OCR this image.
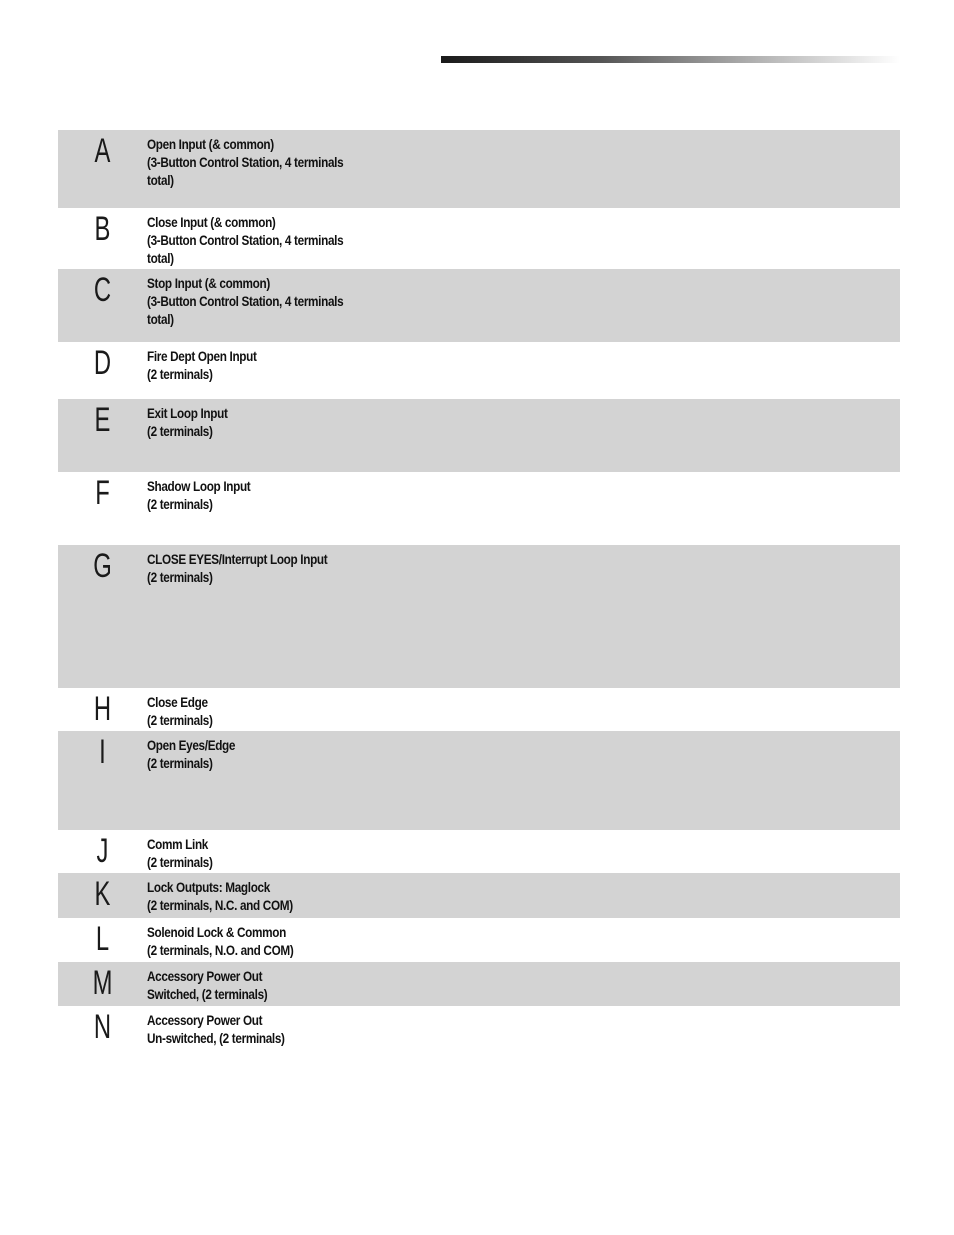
A	Open Input (& common)
(3-Button Control Station, 4 terminals
total)
B	Close Input (& common)
(3-Button Control Station, 4 terminals
total)
C	Stop Input (& common)
(3-Button Control Station, 4 terminals
total)
D	Fire Dept Open Input
(2 terminals)
E	Exit Loop Input
(2 terminals)
F	Shadow Loop Input
(2 terminals)
G	CLOSE EYES/Interrupt Loop Input
(2 terminals)
H	Close Edge
(2 terminals)
I	Open Eyes/Edge
(2 terminals)
J	Comm Link
(2 terminals)
K	Lock Outputs: Maglock
(2 terminals, N.C. and COM)
L	Solenoid Lock & Common
(2 terminals, N.O. and COM)
M	Accessory Power Out
Switched, (2 terminals)
N	Accessory Power Out
Un-switched, (2 terminals)
